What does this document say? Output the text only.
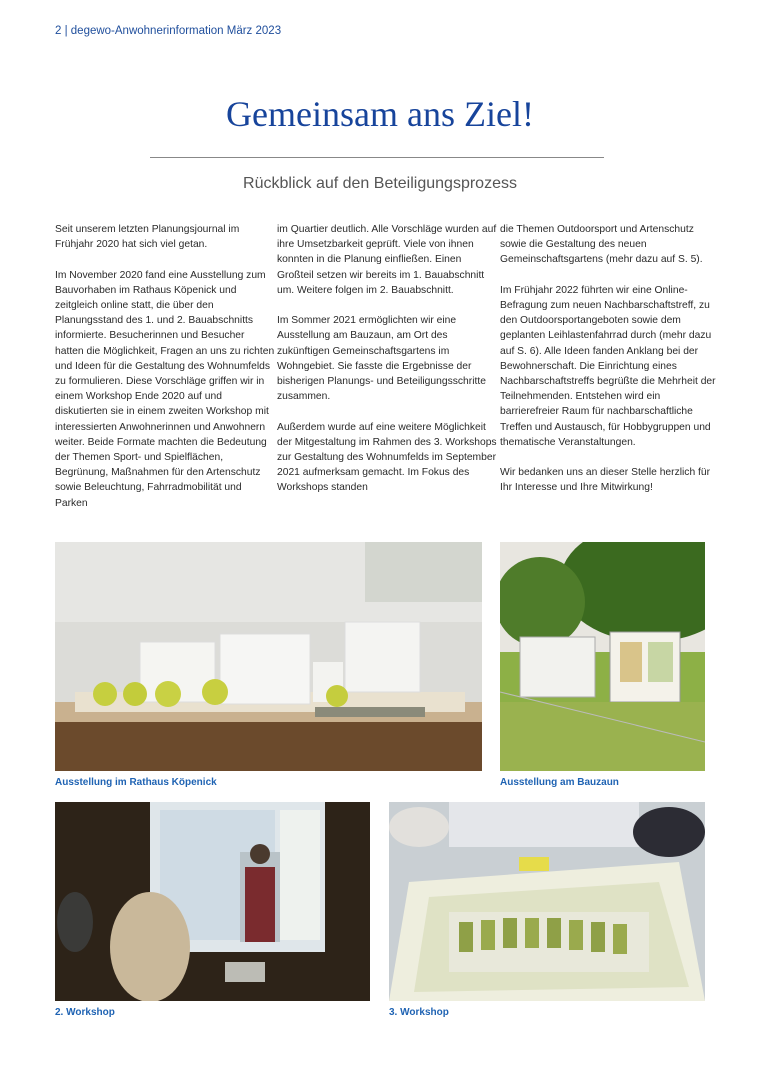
2 | degewo-Anwohnerinformation März 2023
Gemeinsam ans Ziel!
Rückblick auf den Beteiligungsprozess

Seit unserem letzten Planungsjournal im Frühjahr 2020 hat sich viel getan.

Im November 2020 fand eine Ausstellung zum Bauvorhaben im Rathaus Köpenick und zeitgleich online statt, die über den Planungsstand des 1. und 2. Bauabschnitts informierte. Besucherinnen und Besucher hatten die Möglichkeit, Fragen an uns zu richten und Ideen für die Gestaltung des Wohnumfelds zu formulieren. Diese Vorschläge griffen wir in einem Workshop Ende 2020 auf und diskutierten sie in einem zweiten Workshop mit interessierten Anwohnerinnen und Anwohnern weiter. Beide Formate machten die Bedeutung der Themen Sport- und Spielflächen, Begrünung, Maßnahmen für den Artenschutz sowie Beleuchtung, Fahrradmobilität und Parken

im Quartier deutlich. Alle Vorschläge wurden auf ihre Umsetzbarkeit geprüft. Viele von ihnen konnten in die Planung einfließen. Einen Großteil setzen wir bereits im 1. Bauabschnitt um. Weitere folgen im 2. Bauabschnitt.

Im Sommer 2021 ermöglichten wir eine Ausstellung am Bauzaun, am Ort des zukünftigen Gemeinschaftsgartens im Wohngebiet. Sie fasste die Ergebnisse der bisherigen Planungs- und Beteiligungsschritte zusammen.

Außerdem wurde auf eine weitere Möglichkeit der Mitgestaltung im Rahmen des 3. Workshops zur Gestaltung des Wohnumfelds im September 2021 aufmerksam gemacht. Im Fokus des Workshops standen

die Themen Outdoorsport und Artenschutz sowie die Gestaltung des neuen Gemeinschaftsgartens (mehr dazu auf S. 5).

Im Frühjahr 2022 führten wir eine Online-Befragung zum neuen Nachbarschaftstreff, zu den Outdoorsportangeboten sowie dem geplanten Leihlastenfahrrad durch (mehr dazu auf S. 6). Alle Ideen fanden Anklang bei der Bewohnerschaft. Die Einrichtung eines Nachbarschaftstreffs begrüßte die Mehrheit der Teilnehmenden. Entstehen wird ein barrierefreier Raum für nachbarschaftliche Treffen und Austausch, für Hobbygruppen und thematische Veranstaltungen.

Wir bedanken uns an dieser Stelle herzlich für Ihr Interesse und Ihre Mitwirkung!

Ausstellung im Rathaus Köpenick	Ausstellung am Bauzaun
2. Workshop	3. Workshop
